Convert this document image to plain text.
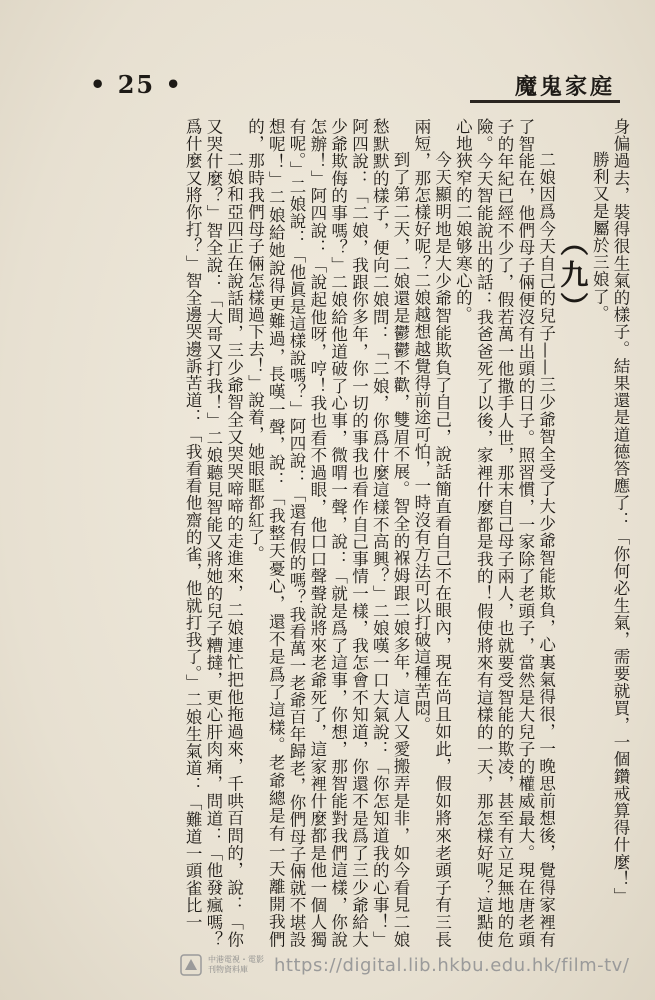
• 25 •	魔鬼家庭

身偏過去，裝得很生氣的樣子。結果還是道德答應了：「你何必生氣，需要就買，一個鑽戒算得什麼！」

勝利又是屬於三娘了。

（九）

二娘因爲今天自己的兒子——三少爺智全受了大少爺智能欺負，心裏氣得很，一晚思前想後，覺得家裡有了智能在，他們母子倆便沒有出頭的日子。照習慣，一家除了老頭子，當然是大兒子的權威最大。現在唐老頭子的年紀已經不少了，假若萬一他撒手人世，那末自己母子兩人，也就要受智能的欺凌，甚至有立足無地的危險。今天智能說出的話：我爸爸死了以後，家裡什麼都是我的！假使將來有這樣的一天，那怎樣好呢？這點使心地狹窄的二娘够寒心的。

今天顯明地是大少爺智能欺負了自己，說話簡直看自己不在眼內，現在尚且如此，假如將來老頭子有三長兩短，那怎樣好呢？二娘越想越覺得前途可怕，一時沒有方法可以打破這種苦悶。

到了第二天，二娘還是鬱鬱不歡，雙眉不展。智全的褓姆跟二娘多年，這人又愛搬弄是非，如今看見二娘愁默默的樣子，便向二娘問：「二娘，你爲什麼這樣不高興？」二娘嘆一口大氣說：「你怎知道我的心事！」阿四說：「二娘，我跟你多年，你一切的事我也看作自己事情一樣，我怎會不知道，你還不是爲了三少爺給大少爺欺侮的事嗎？」二娘給他道破了心事，微喟一聲，說：「就是爲了這事，你想，那智能對我們這樣，你說怎辦！」阿四說：「說起他呀，哼！我也看不過眼，他口口聲聲說將來老爺死了，這家裡什麼都是他一個人獨有呢。」二娘說：「他眞是這樣說嗎？」阿四說：「還有假的嗎？我看萬一老爺百年歸老，你們母子倆就不堪設想呢！」二娘給她說得更難過，長嘆一聲，說：「我整天憂心，還不是爲了這樣。老爺總是有一天離開我們的，那時我們母子倆怎樣過下去！」說着，她眼眶都紅了。

二娘和亞四正在說話間，三少爺智全又哭哭啼啼的走進來，二娘連忙把他拖過來，千哄百問的，說：「你又哭什麼？」智全說：「大哥又打我！」二娘聽見智能又將她的兒子糟撻，更心肝肉痛，問道：「他發瘋嗎？爲什麼又將你打？」智全邊哭邊訴苦道：「我看看他齋的雀，他就打我了。」二娘生氣道：「難道一頭雀比一

中港電視・電影刊物資料庫	https://digital.lib.hkbu.edu.hk/film-tv/
